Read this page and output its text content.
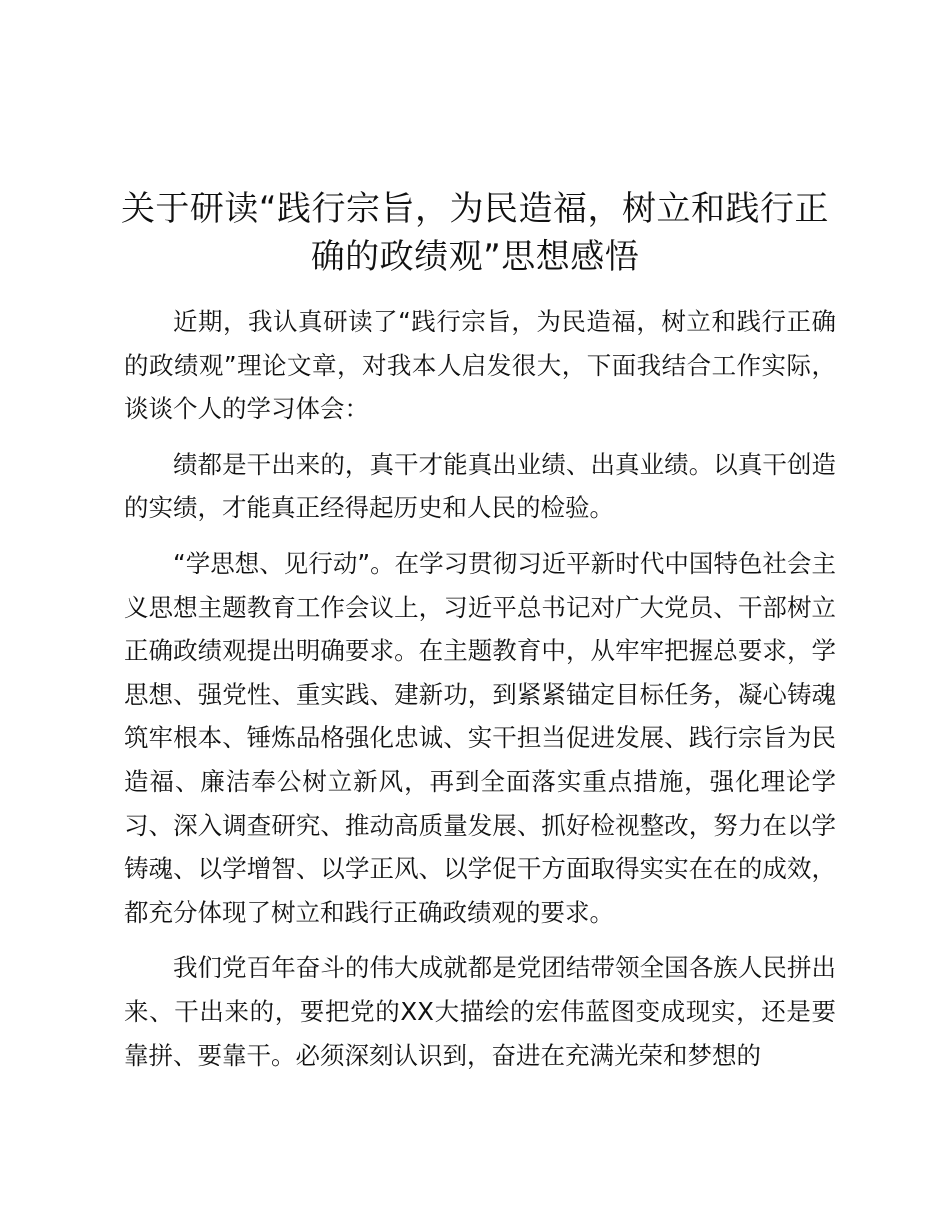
关于研读“践行宗旨，为民造福，树立和践行正确的政绩观”思想感悟

近期，我认真研读了“践行宗旨，为民造福，树立和践行正确的政绩观”理论文章，对我本人启发很大，下面我结合工作实际，谈谈个人的学习体会：

绩都是干出来的，真干才能真出业绩、出真业绩。以真干创造的实绩，才能真正经得起历史和人民的检验。

“学思想、见行动”。在学习贯彻习近平新时代中国特色社会主义思想主题教育工作会议上，习近平总书记对广大党员、干部树立正确政绩观提出明确要求。在主题教育中，从牢牢把握总要求，学思想、强党性、重实践、建新功，到紧紧锚定目标任务，凝心铸魂筑牢根本、锤炼品格强化忠诚、实干担当促进发展、践行宗旨为民造福、廉洁奉公树立新风，再到全面落实重点措施，强化理论学习、深入调查研究、推动高质量发展、抓好检视整改，努力在以学铸魂、以学增智、以学正风、以学促干方面取得实实在在的成效，都充分体现了树立和践行正确政绩观的要求。

我们党百年奋斗的伟大成就都是党团结带领全国各族人民拼出来、干出来的，要把党的XX大描绘的宏伟蓝图变成现实，还是要靠拼、要靠干。必须深刻认识到，奋进在充满光荣和梦想的
